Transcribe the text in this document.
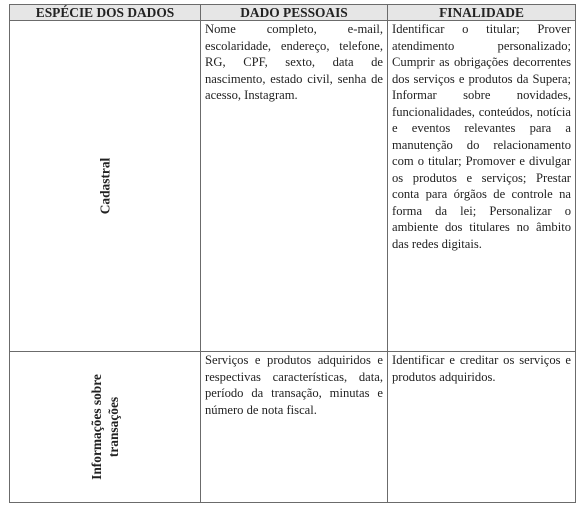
ESPÉCIE DOS DADOS	DADO PESSOAIS	FINALIDADE

Cadastral	Nome completo, e-mail, escolaridade, endereço, telefone, RG, CPF, sexto, data de nascimento, estado civil, senha de acesso, Instagram.	Identificar o titular; Prover atendimento personalizado; Cumprir as obrigações decorrentes dos serviços e produtos da Supera; Informar sobre novidades, funcionalidades, conteúdos, notícia e eventos relevantes para a manutenção do relacionamento com o titular; Promover e divulgar os produtos e serviços; Prestar conta para órgãos de controle na forma da lei; Personalizar o ambiente dos titulares no âmbito das redes digitais.

Informações sobre transações	Serviços e produtos adquiridos e respectivas características, data, período da transação, minutas e número de nota fiscal.	Identificar e creditar os serviços e produtos adquiridos.
